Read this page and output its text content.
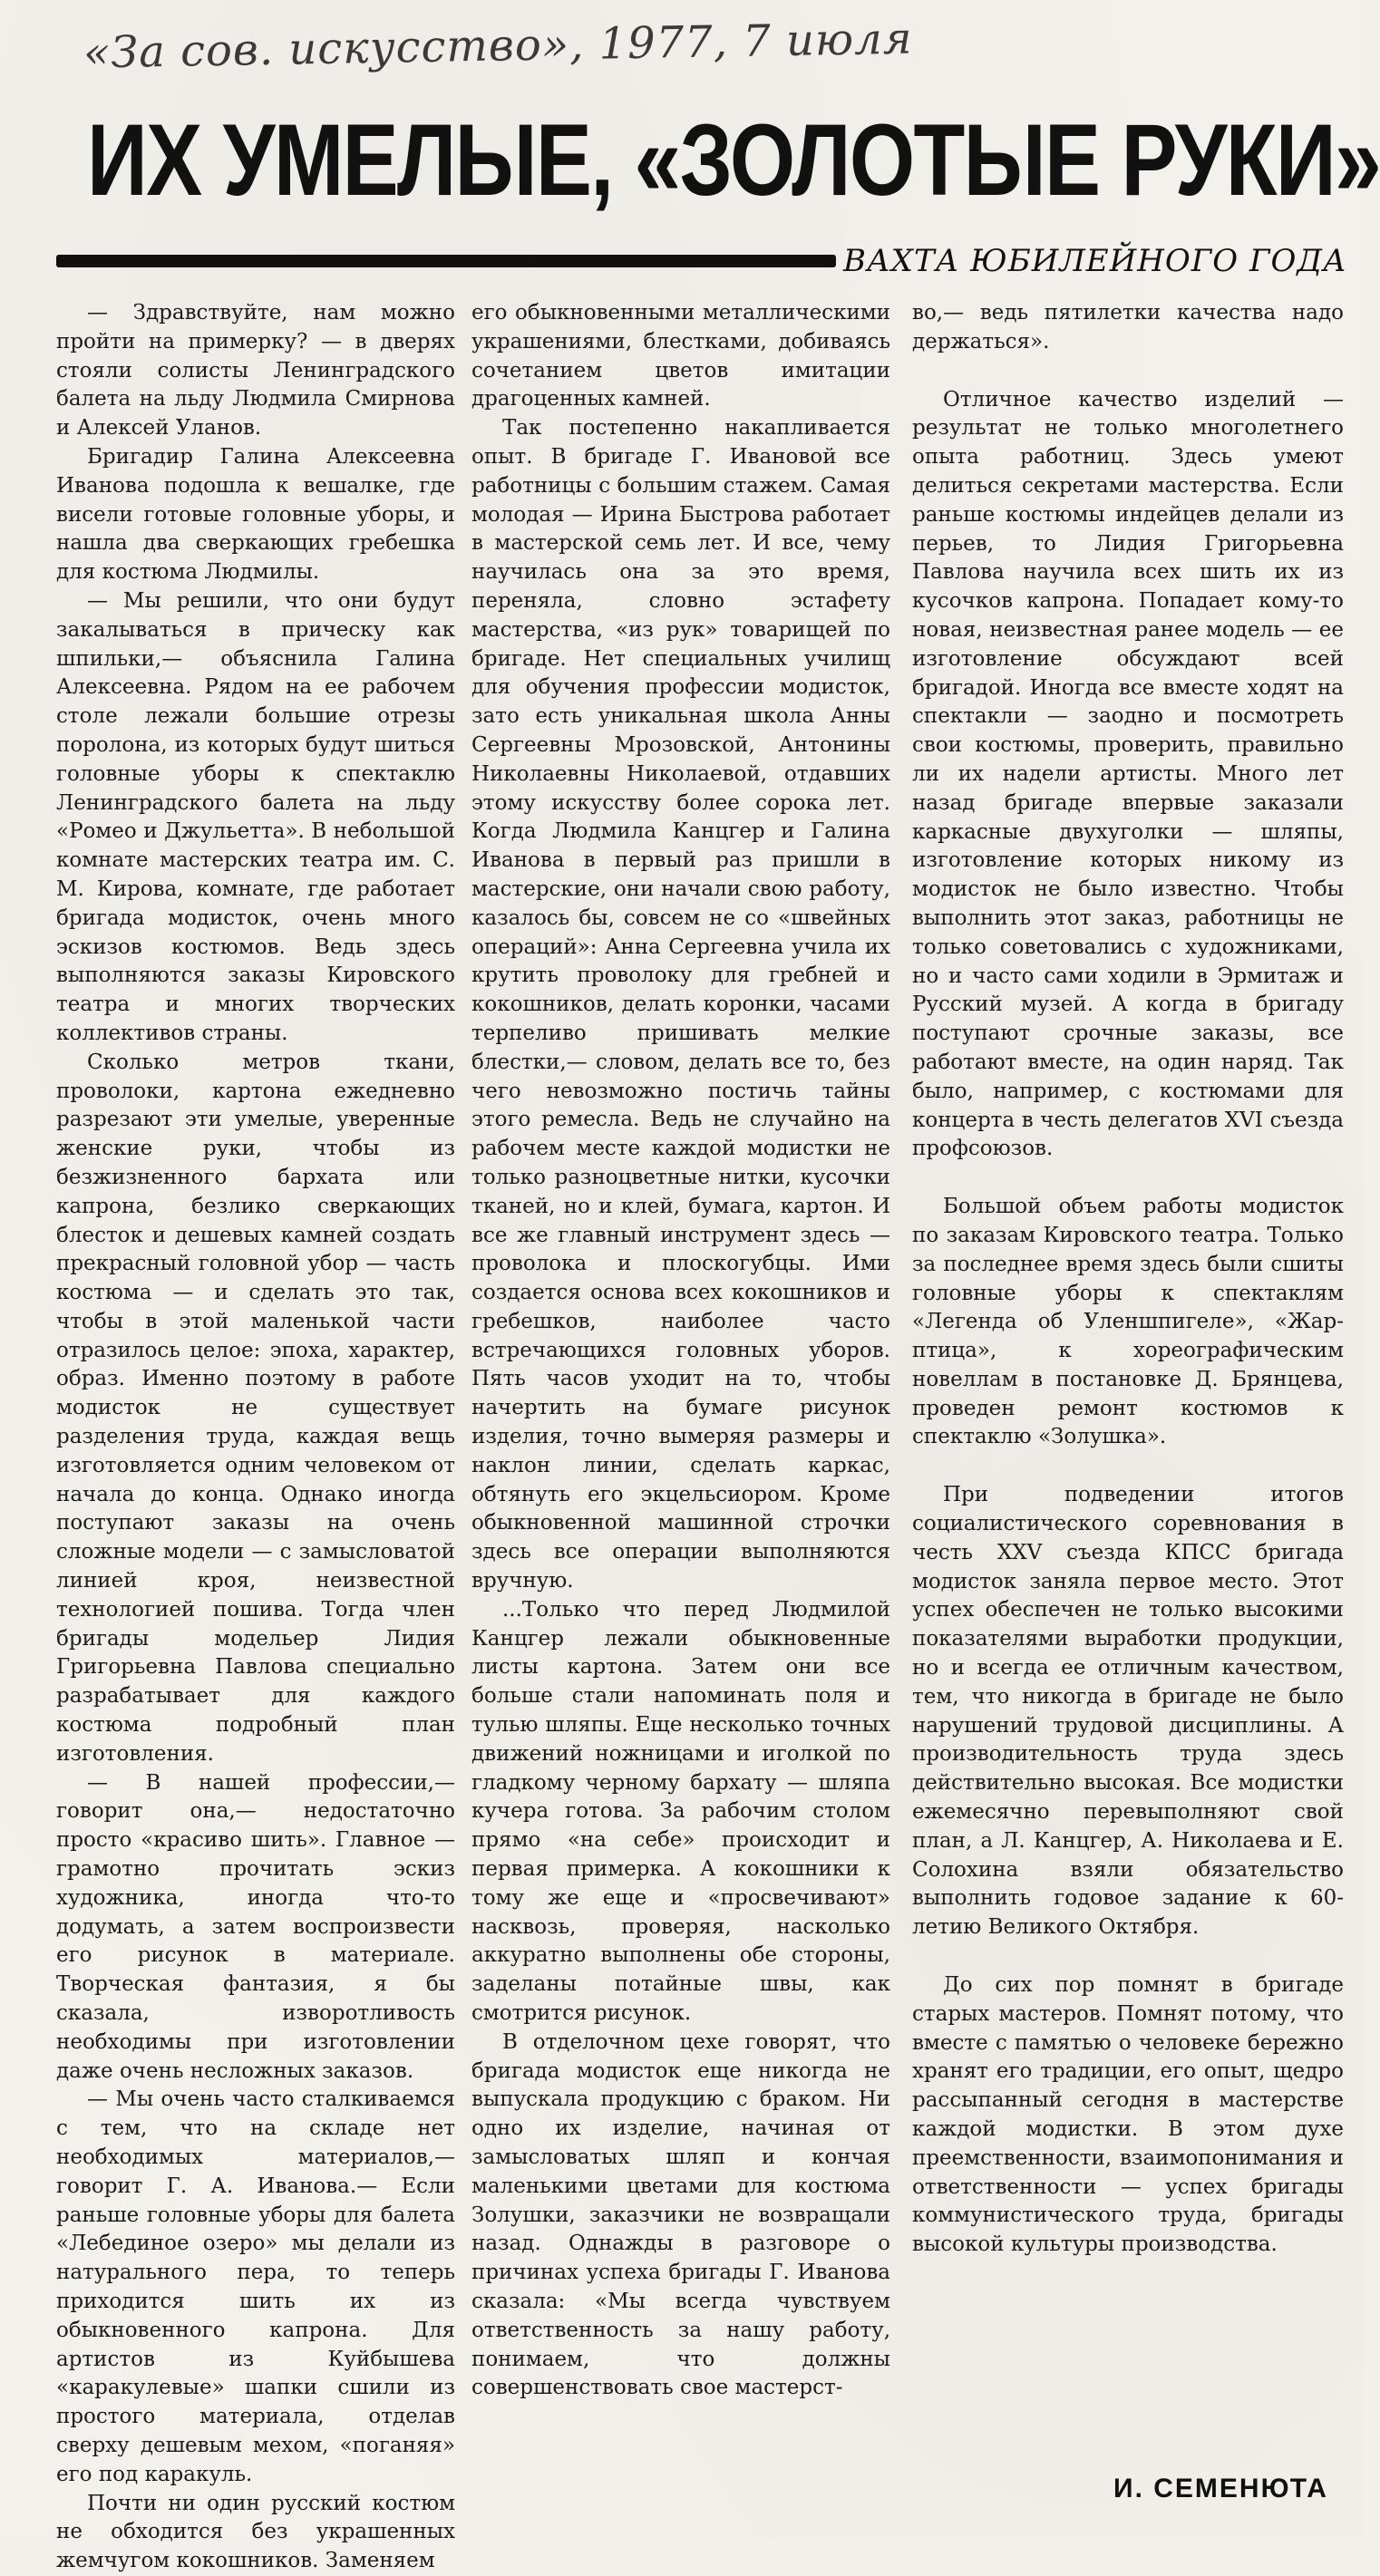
«За сов. искусство», 1977, 7 июля
ИХ УМЕЛЫЕ, «ЗОЛОТЫЕ РУКИ»
ВАХТА ЮБИЛЕЙНОГО ГОДА

— Здравствуйте, нам можно пройти на примерку? — в дверях стояли солисты Ленинградского балета на льду Людмила Смирнова и Алексей Уланов.

Бригадир Галина Алексеевна Иванова подошла к вешалке, где висели готовые головные уборы, и нашла два сверкающих гребешка для костюма Людмилы.

— Мы решили, что они будут закалываться в прическу как шпильки,— объяснила Галина Алексеевна. Рядом на ее рабочем столе лежали большие отрезы поролона, из которых будут шиться головные уборы к спектаклю Ленинградского балета на льду «Ромео и Джульетта». В небольшой комнате мастерских театра им. С. М. Кирова, комнате, где работает бригада модисток, очень много эскизов костюмов. Ведь здесь выполняются заказы Кировского театра и многих творческих коллективов страны.

Сколько метров ткани, проволоки, картона ежедневно разрезают эти умелые, уверенные женские руки, чтобы из безжизненного бархата или капрона, безлико сверкающих блесток и дешевых камней создать прекрасный головной убор — часть костюма — и сделать это так, чтобы в этой маленькой части отразилось целое: эпоха, характер, образ. Именно поэтому в работе модисток не существует разделения труда, каждая вещь изготовляется одним человеком от начала до конца. Однако иногда поступают заказы на очень сложные модели — с замысловатой линией кроя, неизвестной технологией пошива. Тогда член бригады модельер Лидия Григорьевна Павлова специально разрабатывает для каждого костюма подробный план изготовления.

— В нашей профессии,— говорит она,— недостаточно просто «красиво шить». Главное — грамотно прочитать эскиз художника, иногда что-то додумать, а затем воспроизвести его рисунок в материале. Творческая фантазия, я бы сказала, изворотливость необходимы при изготовлении даже очень несложных заказов.

— Мы очень часто сталкиваемся с тем, что на складе нет необходимых материалов,— говорит Г. А. Иванова.— Если раньше головные уборы для балета «Лебединое озеро» мы делали из натурального пера, то теперь приходится шить их из обыкновенного капрона. Для артистов из Куйбышева «каракулевые» шапки сшили из простого материала, отделав сверху дешевым мехом, «поганяя» его под каракуль.

Почти ни один русский костюм не обходится без украшенных жемчугом кокошников. Заменяем

его обыкновенными металлическими украшениями, блестками, добиваясь сочетанием цветов имитации драгоценных камней.

Так постепенно накапливается опыт. В бригаде Г. Ивановой все работницы с большим стажем. Самая молодая — Ирина Быстрова работает в мастерской семь лет. И все, чему научилась она за это время, переняла, словно эстафету мастерства, «из рук» товарищей по бригаде. Нет специальных училищ для обучения профессии модисток, зато есть уникальная школа Анны Сергеевны Мрозовской, Антонины Николаевны Николаевой, отдавших этому искусству более сорока лет. Когда Людмила Канцгер и Галина Иванова в первый раз пришли в мастерские, они начали свою работу, казалось бы, совсем не со «швейных операций»: Анна Сергеевна учила их крутить проволоку для гребней и кокошников, делать коронки, часами терпеливо пришивать мелкие блестки,— словом, делать все то, без чего невозможно постичь тайны этого ремесла. Ведь не случайно на рабочем месте каждой модистки не только разноцветные нитки, кусочки тканей, но и клей, бумага, картон. И все же главный инструмент здесь — проволока и плоскогубцы. Ими создается основа всех кокошников и гребешков, наиболее часто встречающихся головных уборов. Пять часов уходит на то, чтобы начертить на бумаге рисунок изделия, точно вымеряя размеры и наклон линии, сделать каркас, обтянуть его экцельсиором. Кроме обыкновенной машинной строчки здесь все операции выполняются вручную.

...Только что перед Людмилой Канцгер лежали обыкновенные листы картона. Затем они все больше стали напоминать поля и тулью шляпы. Еще несколько точных движений ножницами и иголкой по гладкому черному бархату — шляпа кучера готова. За рабочим столом прямо «на себе» происходит и первая примерка. А кокошники к тому же еще и «просвечивают» насквозь, проверяя, насколько аккуратно выполнены обе стороны, заделаны потайные швы, как смотрится рисунок.

В отделочном цехе говорят, что бригада модисток еще никогда не выпускала продукцию с браком. Ни одно их изделие, начиная от замысловатых шляп и кончая маленькими цветами для костюма Золушки, заказчики не возвращали назад. Однажды в разговоре о причинах успеха бригады Г. Иванова сказала: «Мы всегда чувствуем ответственность за нашу работу, понимаем, что должны совершенствовать свое мастерст-

во,— ведь пятилетки качества надо держаться».

Отличное качество изделий — результат не только многолетнего опыта работниц. Здесь умеют делиться секретами мастерства. Если раньше костюмы индейцев делали из перьев, то Лидия Григорьевна Павлова научила всех шить их из кусочков капрона. Попадает кому-то новая, неизвестная ранее модель — ее изготовление обсуждают всей бригадой. Иногда все вместе ходят на спектакли — заодно и посмотреть свои костюмы, проверить, правильно ли их надели артисты. Много лет назад бригаде впервые заказали каркасные двухуголки — шляпы, изготовление которых никому из модисток не было известно. Чтобы выполнить этот заказ, работницы не только советовались с художниками, но и часто сами ходили в Эрмитаж и Русский музей. А когда в бригаду поступают срочные заказы, все работают вместе, на один наряд. Так было, например, с костюмами для концерта в честь делегатов XVI съезда профсоюзов.

Большой объем работы модисток по заказам Кировского театра. Только за последнее время здесь были сшиты головные уборы к спектаклям «Легенда об Уленшпигеле», «Жар-птица», к хореографическим новеллам в постановке Д. Брянцева, проведен ремонт костюмов к спектаклю «Золушка».

При подведении итогов социалистического соревнования в честь XXV съезда КПСС бригада модисток заняла первое место. Этот успех обеспечен не только высокими показателями выработки продукции, но и всегда ее отличным качеством, тем, что никогда в бригаде не было нарушений трудовой дисциплины. А производительность труда здесь действительно высокая. Все модистки ежемесячно перевыполняют свой план, а Л. Канцгер, А. Николаева и Е. Солохина взяли обязательство выполнить годовое задание к 60-летию Великого Октября.

До сих пор помнят в бригаде старых мастеров. Помнят потому, что вместе с памятью о человеке бережно хранят его традиции, его опыт, щедро рассыпанный сегодня в мастерстве каждой модистки. В этом духе преемственности, взаимопонимания и ответственности — успех бригады коммунистического труда, бригады высокой культуры производства.

И. СЕМЕНЮТА
